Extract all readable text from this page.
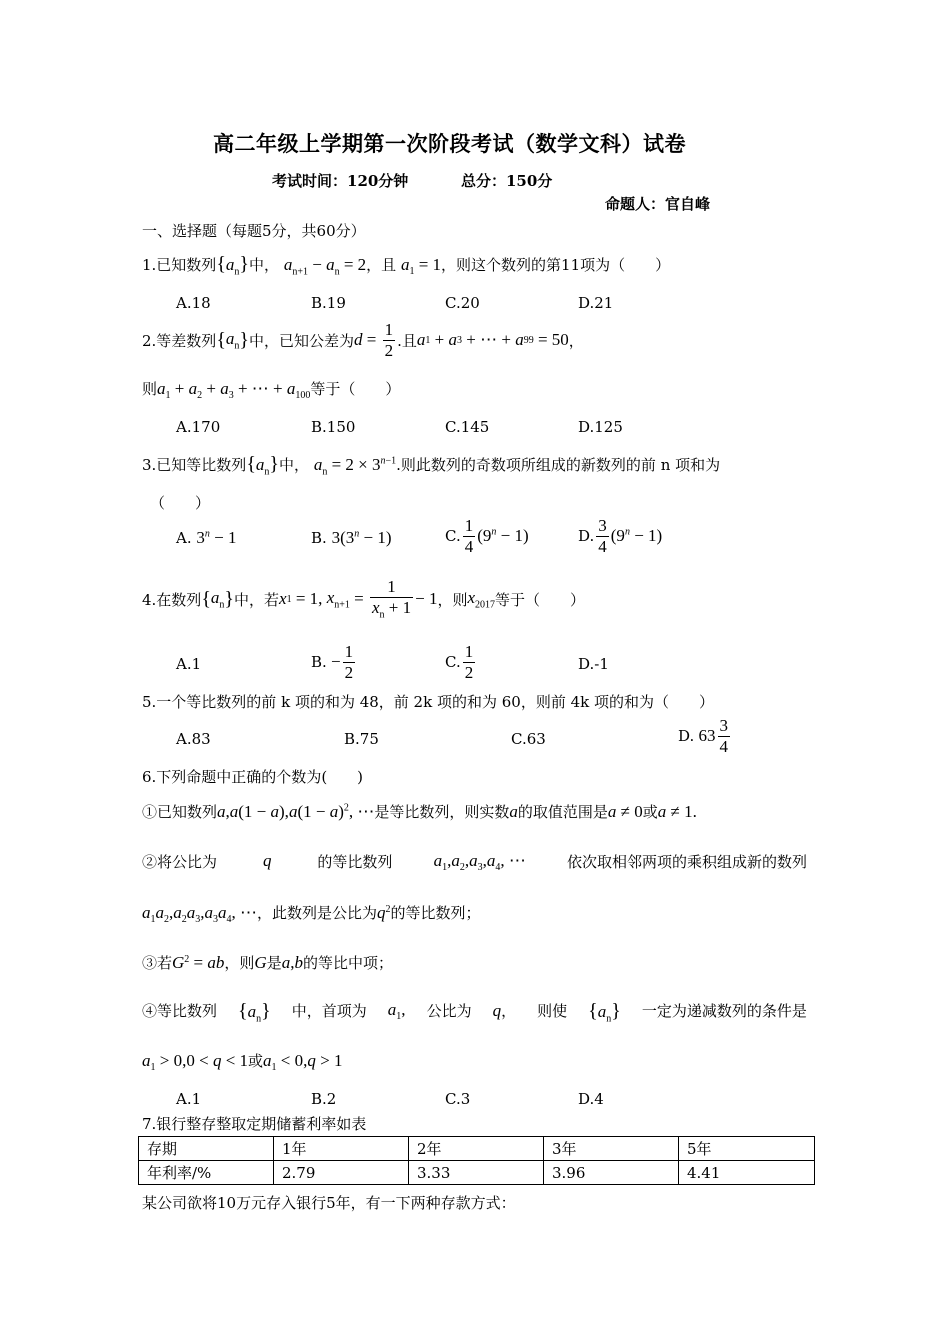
高二年级上学期第一次阶段考试（数学文科）试卷
考试时间：120分钟	总分：150分
命题人：官自峰
一、选择题（每题5分，共60分）
1.已知数列$\{a_n\}$中， $a_{n+1} - a_n = 2$，且 $a_1 = 1$，则这个数列的第11项为（　　）
A.18	B.19	C.20	D.21
2.等差数列 { $a_n$ } 中，已知公差为 $d = \frac{1}{2}$ .且 a 1 + a 3 + ⋯ + a 99 = 50 ，
则$a_1 + a_2 + a_3$ + ⋯ + $a_{100}$等于（　　）
A.170	B.150	C.145	D.125
3.已知等比数列$\{a_n\}$中， $a_n = 2 \times 3^{n-1}$.则此数列的奇数项所组成的新数列的前 n 项和为
（　　）
A. $3^n - 1$	B. $3(3^n - 1)$	C. $\frac{1}{4} (9^n - 1)$	D. $\frac{3}{4} (9^n - 1)$
4.在数列 { $a_n$ } 中，若 x 1 = 1, $x_{n+1} = \frac{1}{x_n + 1} - 1$ ，则 $x_{2017}$ 等于（　　）
A.1	B. − $\frac{1}{2}$	C. $\frac{1}{2}$	D.-1
5.一个等比数列的前 k 项的和为 48，前 2k 项的和为 60，则前 4k 项的和为（　　）
A.83	B.75	C.63	D. $63 \frac{3}{4}$
6.下列命题中正确的个数为(　　)
①已知数列$a,a(1 - a),a(1 - a)^2$, ⋯是等比数列，则实数a的取值范围是a ≠ 0或a ≠ 1.
②将公比为	q	的等比数列 $a_1,a_2,a_3,a_4$, ⋯	依次取相邻两项的乘积组成新的数列
$a_1a_2,a_2a_3,a_3a_4$, ⋯，此数列是公比为$q^2$的等比数列；
③若$G^2$ = ab，则G是a,b的等比中项；
④等比数列 $\{a_n\}$ 中，首项为 $a_1$, 公比为 q， 则使 $\{a_n\}$ 一定为递减数列的条件是
$a_1 > 0,0 < q < 1$或$a_1 < 0,q > 1$
A.1	B.2	C.3	D.4
7.银行整存整取定期储蓄利率如表
存期	1年	2年	3年	5年
年利率/%	2.79	3.33	3.96	4.41
某公司欲将10万元存入银行5年，有一下两种存款方式：
